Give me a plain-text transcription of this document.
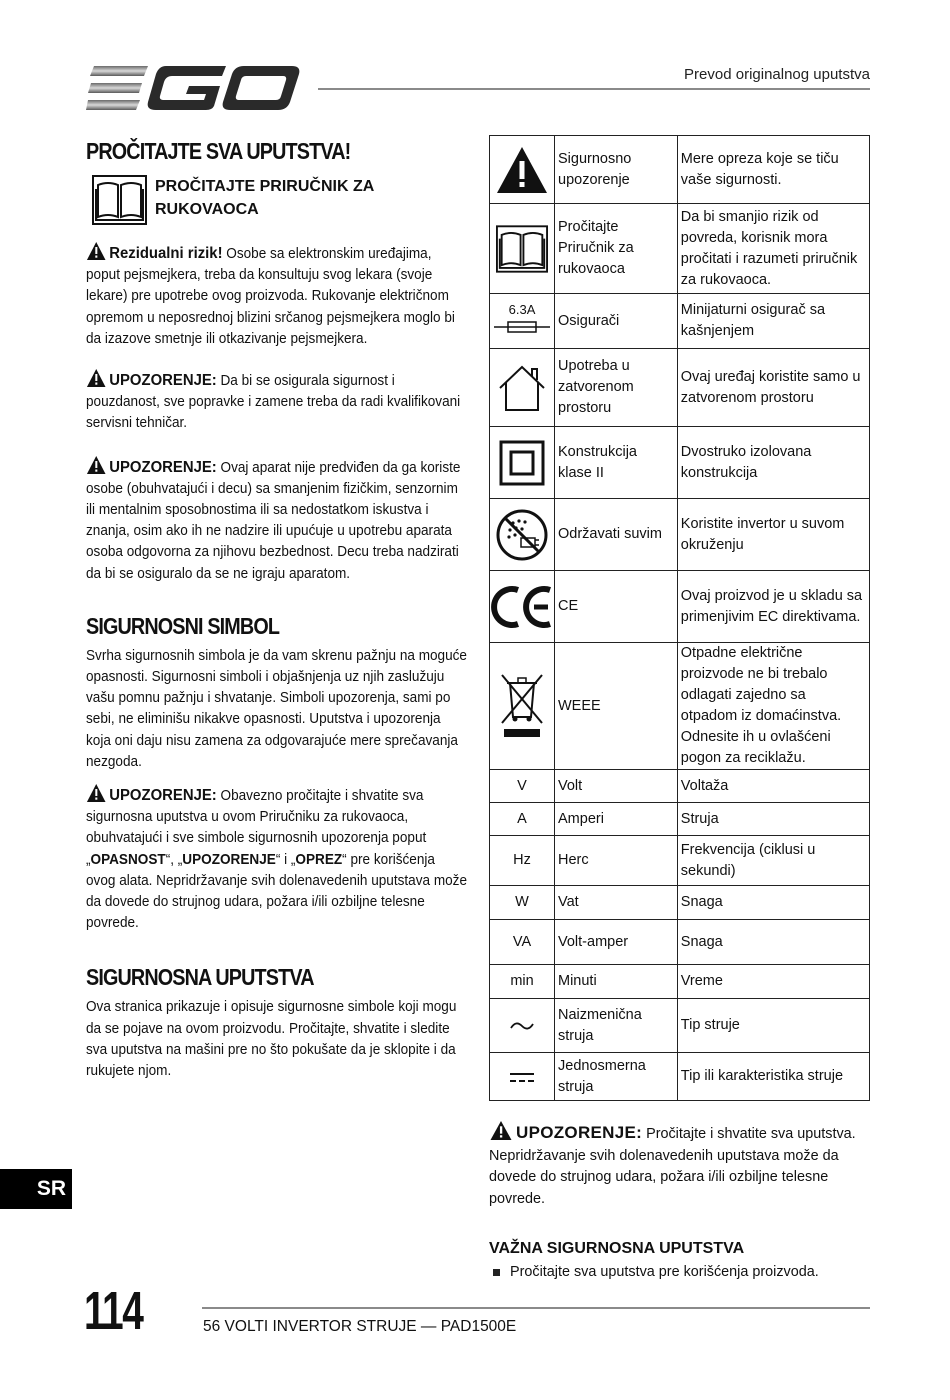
Prevod originalnog uputstva
PROČITAJTE SVA UPUTSTVA!
PROČITAJTE PRIRUČNIK ZA
RUKOVAOCA

Rezidualni rizik! Osobe sa elektronskim uređajima, poput pejsmejkera, treba da konsultuju svog lekara (svoje lekare) pre upotrebe ovog proizvoda. Rukovanje električnom opremom u neposrednoj blizini srčanog pejsmejkera moglo bi da izazove smetnje ili otkazivanje pejsmejkera.

UPOZORENJE: Da bi se osigurala sigurnost i pouzdanost, sve popravke i zamene treba da radi kvalifikovani servisni tehničar.

UPOZORENJE: Ovaj aparat nije predviđen da ga koriste osobe (obuhvatajući i decu) sa smanjenim fizičkim, senzornim ili mentalnim sposobnostima ili sa nedostatkom iskustva i znanja, osim ako ih ne nadzire ili upućuje u upotrebu aparata osoba odgovorna za njihovu bezbednost. Decu treba nadzirati da bi se osiguralo da se ne igraju aparatom.

SIGURNOSNI SIMBOL

Svrha sigurnosnih simbola je da vam skrenu pažnju na moguće opasnosti. Sigurnosni simboli i objašnjenja uz njih zaslužuju vašu pomnu pažnju i shvatanje. Simboli upozorenja, sami po sebi, ne eliminišu nikakve opasnosti. Uputstva i upozorenja koja oni daju nisu zamena za odgovarajuće mere sprečavanja nezgoda.

UPOZORENJE: Obavezno pročitajte i shvatite sva sigurnosna uputstva u ovom Priručniku za rukovaoca, obuhvatajući i sve simbole sigurnosnih upozorenja poput „OPASNOST“, „UPOZORENJE“ i „OPREZ“ pre korišćenja ovog alata. Nepridržavanje svih dolenavedenih uputstava može da dovede do strujnog udara, požara i/ili ozbiljne telesne povrede.

SIGURNOSNA UPUTSTVA

Ova stranica prikazuje i opisuje sigurnosne simbole koji mogu da se pojave na ovom proizvodu. Pročitajte, shvatite i sledite sva uputstva na mašini pre no što pokušate da je sklopite i da rukujete njom.

	Sigurnosno upozorenje	Mere opreza koje se tiču vaše sigurnosti.

	Pročitajte Priručnik za rukovaoca	Da bi smanjio rizik od povreda, korisnik mora pročitati i razumeti priručnik za rukovaoca.

6.3A	Osigurači	Minijaturni osigurač sa kašnjenjem

	Upotreba u zatvorenom prostoru	Ovaj uređaj koristite samo u zatvorenom prostoru

	Konstrukcija klase II	Dvostruko izolovana konstrukcija

	Održavati suvim	Koristite invertor u suvom okruženju

	CE	Ovaj proizvod je u skladu sa primenjivim EC direktivama.

	WEEE	Otpadne električne proizvode ne bi trebalo odlagati zajedno sa otpadom iz domaćinstva. Odnesite ih u ovlašćeni pogon za reciklažu.
V	Volt	Voltaža
A	Amperi	Struja
Hz	Herc	Frekvencija (ciklusi u sekundi)
W	Vat	Snaga
VA	Volt-amper	Snaga
min	Minuti	Vreme

	Naizmenična struja	Tip struje

	Jednosmerna struja	Tip ili karakteristika struje

UPOZORENJE: Pročitajte i shvatite sva uputstva. Nepridržavanje svih dolenavedenih uputstava može da dovede do strujnog udara, požara i/ili ozbiljne telesne povrede.

VAŽNA SIGURNOSNA UPUTSTVA
Pročitajte sva uputstva pre korišćenja proizvoda.
SR
114	56 VOLTI INVERTOR STRUJE — PAD1500E
